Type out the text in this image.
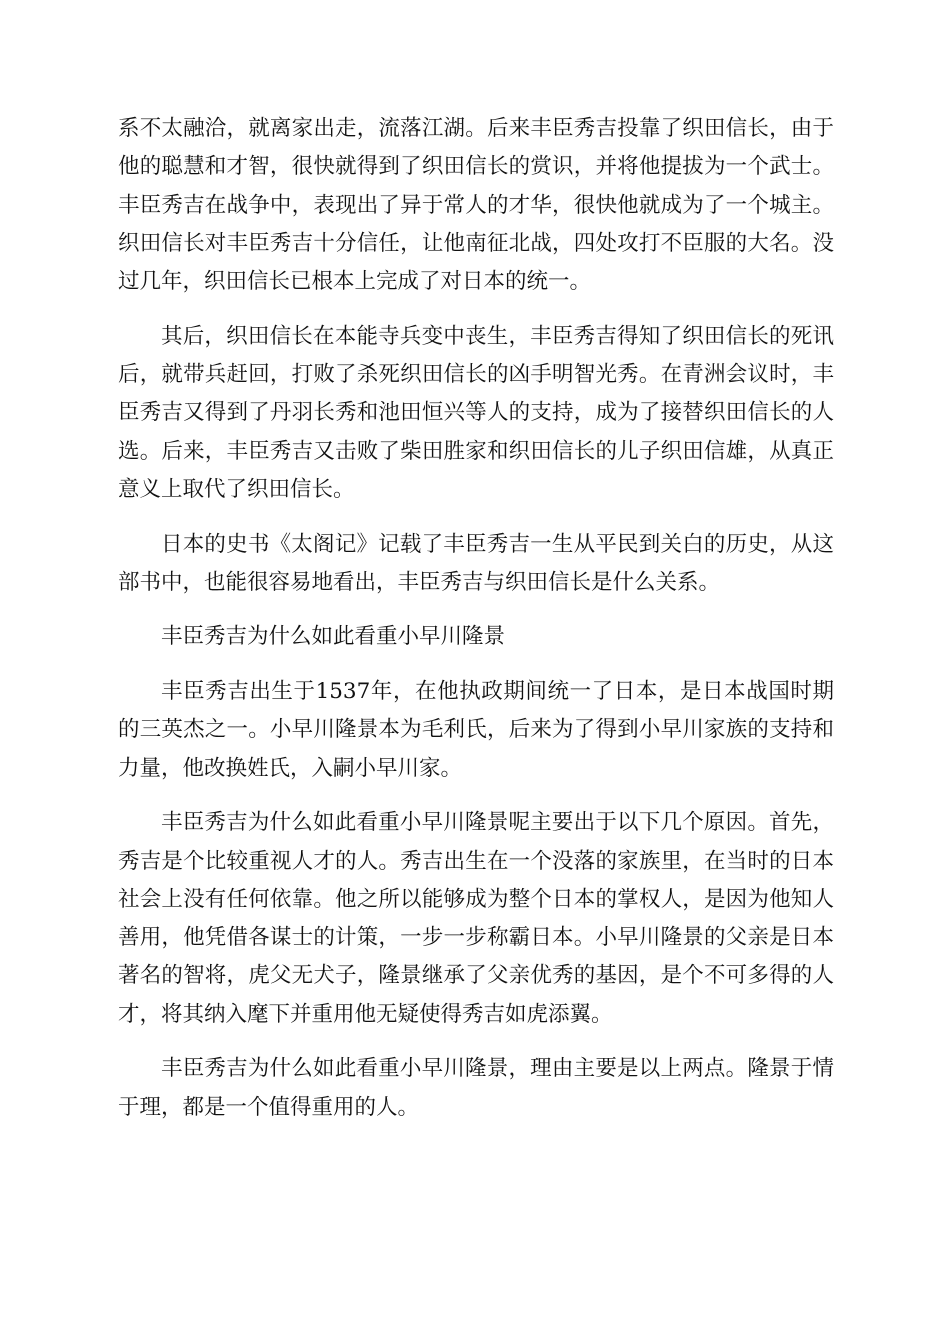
系不太融洽，就离家出走，流落江湖。后来丰臣秀吉投靠了织田信长，由于他的聪慧和才智，很快就得到了织田信长的赏识，并将他提拔为一个武士。丰臣秀吉在战争中，表现出了异于常人的才华，很快他就成为了一个城主。织田信长对丰臣秀吉十分信任，让他南征北战，四处攻打不臣服的大名。没过几年，织田信长已根本上完成了对日本的统一。

其后，织田信长在本能寺兵变中丧生，丰臣秀吉得知了织田信长的死讯后，就带兵赶回，打败了杀死织田信长的凶手明智光秀。在青洲会议时，丰臣秀吉又得到了丹羽长秀和池田恒兴等人的支持，成为了接替织田信长的人选。后来，丰臣秀吉又击败了柴田胜家和织田信长的儿子织田信雄，从真正意义上取代了织田信长。

日本的史书《太阁记》记载了丰臣秀吉一生从平民到关白的历史，从这部书中，也能很容易地看出，丰臣秀吉与织田信长是什么关系。

丰臣秀吉为什么如此看重小早川隆景

丰臣秀吉出生于1537年，在他执政期间统一了日本，是日本战国时期的三英杰之一。小早川隆景本为毛利氏，后来为了得到小早川家族的支持和力量，他改换姓氏，入嗣小早川家。

丰臣秀吉为什么如此看重小早川隆景呢主要出于以下几个原因。首先，秀吉是个比较重视人才的人。秀吉出生在一个没落的家族里，在当时的日本社会上没有任何依靠。他之所以能够成为整个日本的掌权人，是因为他知人善用，他凭借各谋士的计策，一步一步称霸日本。小早川隆景的父亲是日本著名的智将，虎父无犬子，隆景继承了父亲优秀的基因，是个不可多得的人才，将其纳入麾下并重用他无疑使得秀吉如虎添翼。

丰臣秀吉为什么如此看重小早川隆景，理由主要是以上两点。隆景于情于理，都是一个值得重用的人。
